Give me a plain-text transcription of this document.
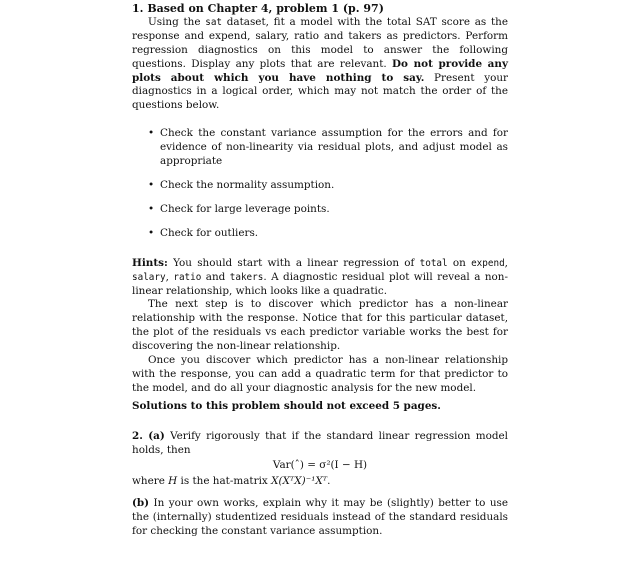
1. Based on Chapter 4, problem 1 (p. 97)

Using the sat dataset, fit a model with the total SAT score as the response and expend, salary, ratio and takers as predictors. Perform regression diagnostics on this model to answer the following questions. Display any plots that are relevant. Do not provide any plots about which you have nothing to say. Present your diagnostics in a logical order, which may not match the order of the questions below.

• Check the constant variance assumption for the errors and for evidence of non-linearity via residual plots, and adjust model as appropriate
• Check the normality assumption.
• Check for large leverage points.
• Check for outliers.

Hints: You should start with a linear regression of total on expend, salary, ratio and takers. A diagnostic residual plot will reveal a non-linear relationship, which looks like a quadratic.

The next step is to discover which predictor has a non-linear relationship with the response. Notice that for this particular dataset, the plot of the residuals vs each predictor variable works the best for discovering the non-linear relationship.

Once you discover which predictor has a non-linear relationship with the response, you can add a quadratic term for that predictor to the model, and do all your diagnostic analysis for the new model.

Solutions to this problem should not exceed 5 pages.

2. (a) Verify rigorously that if the standard linear regression model holds, then

Var(ˆ) = σ²(I − H)

where H is the hat-matrix X(XᵀX)⁻¹Xᵀ.

(b) In your own works, explain why it may be (slightly) better to use the (internally) studentized residuals instead of the standard residuals for checking the constant variance assumption.
